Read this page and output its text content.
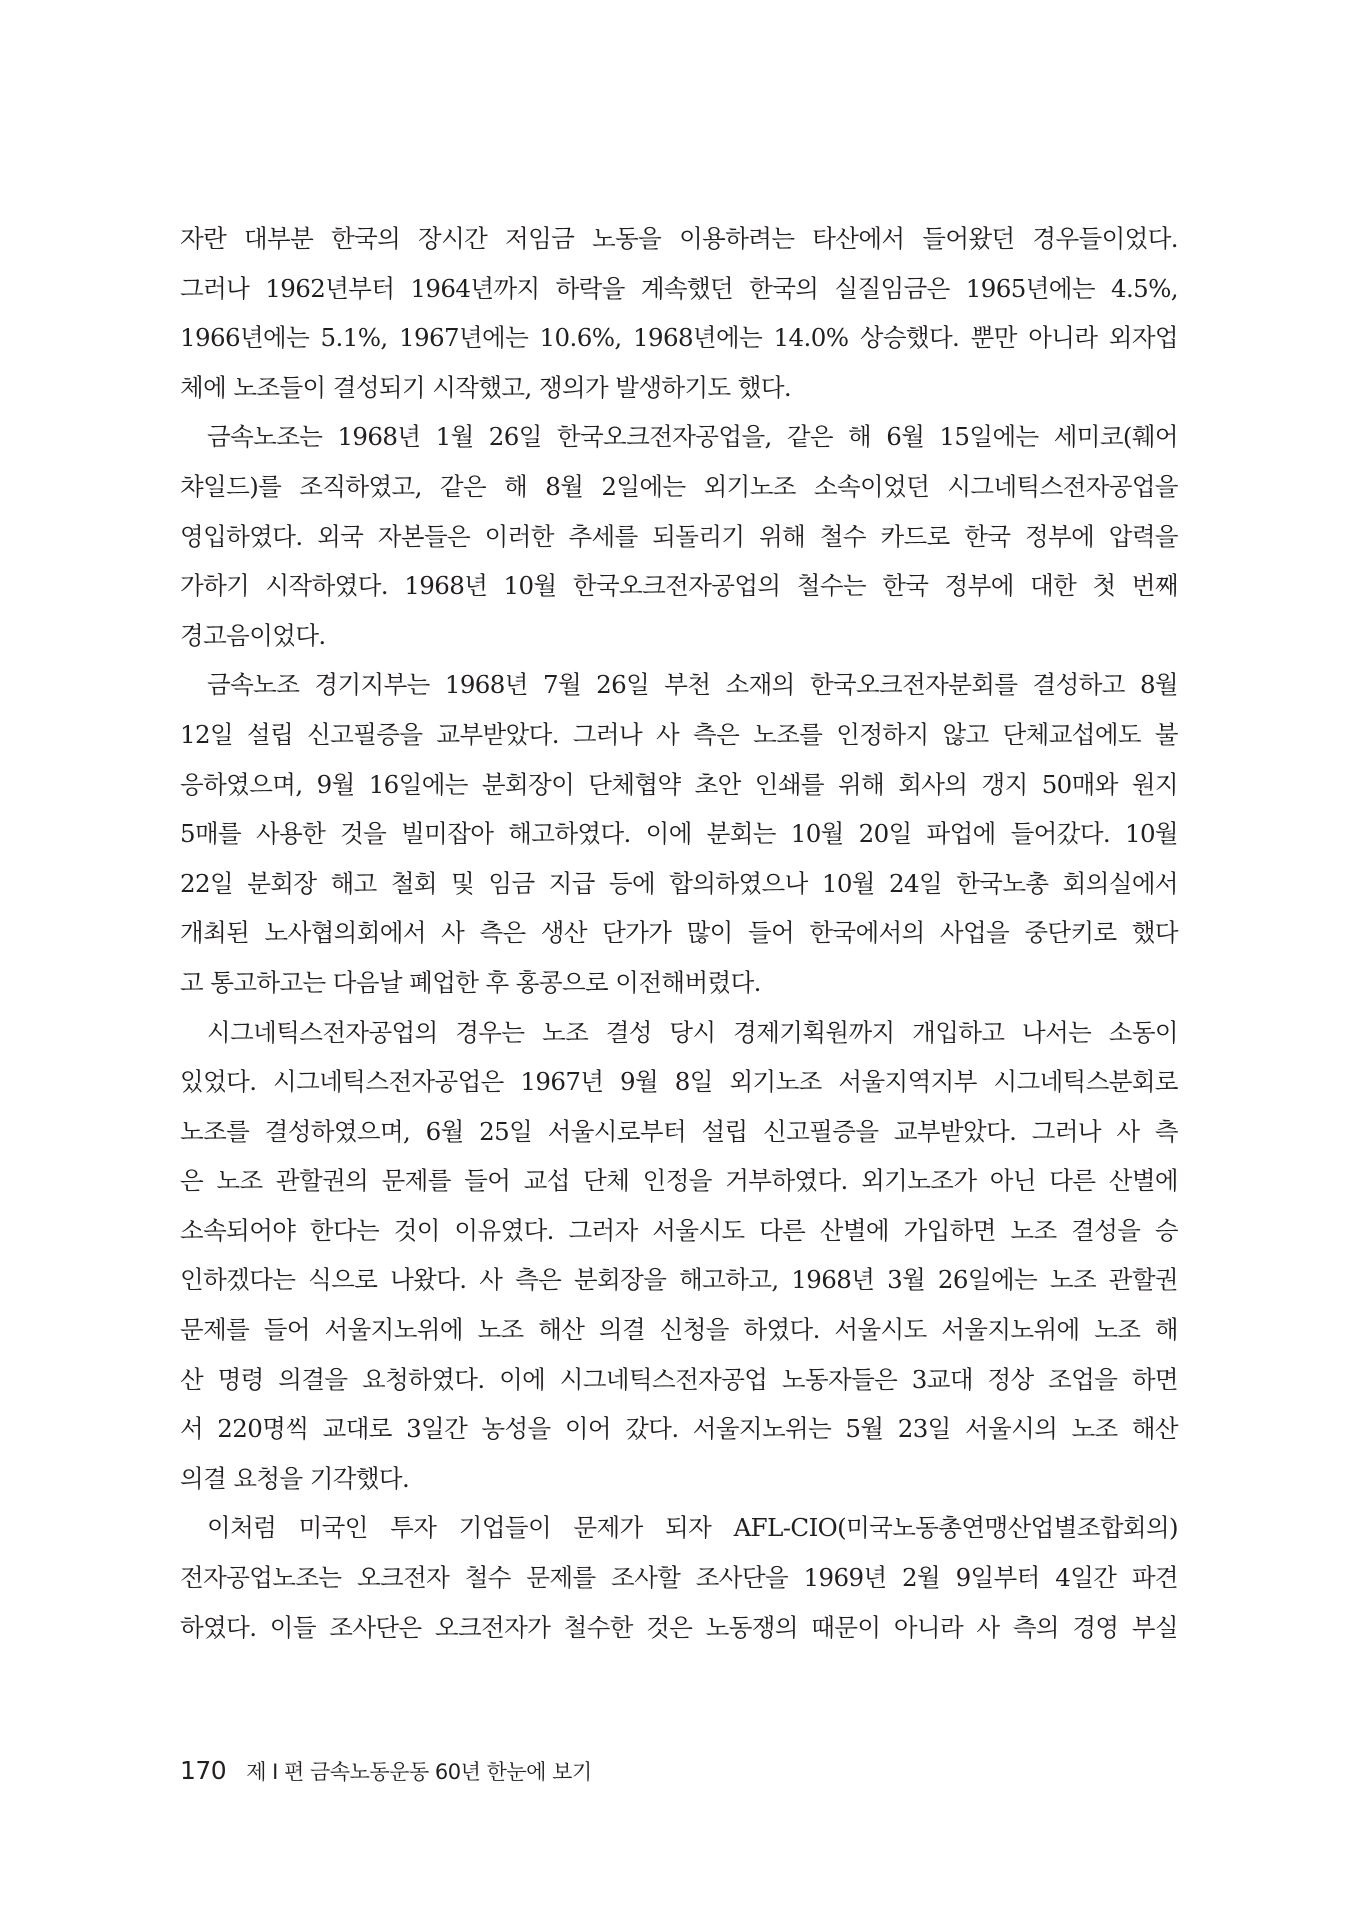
자란 대부분 한국의 장시간 저임금 노동을 이용하려는 타산에서 들어왔던 경우들이었다.
그러나 1962년부터 1964년까지 하락을 계속했던 한국의 실질임금은 1965년에는 4.5%,
1966년에는 5.1%, 1967년에는 10.6%, 1968년에는 14.0% 상승했다. 뿐만 아니라 외자업
체에 노조들이 결성되기 시작했고, 쟁의가 발생하기도 했다.

금속노조는 1968년 1월 26일 한국오크전자공업을, 같은 해 6월 15일에는 세미코(훼어
챠일드)를 조직하였고, 같은 해 8월 2일에는 외기노조 소속이었던 시그네틱스전자공업을
영입하였다. 외국 자본들은 이러한 추세를 되돌리기 위해 철수 카드로 한국 정부에 압력을
가하기 시작하였다. 1968년 10월 한국오크전자공업의 철수는 한국 정부에 대한 첫 번째
경고음이었다.

금속노조 경기지부는 1968년 7월 26일 부천 소재의 한국오크전자분회를 결성하고 8월
12일 설립 신고필증을 교부받았다. 그러나 사 측은 노조를 인정하지 않고 단체교섭에도 불
응하였으며, 9월 16일에는 분회장이 단체협약 초안 인쇄를 위해 회사의 갱지 50매와 원지
5매를 사용한 것을 빌미잡아 해고하였다. 이에 분회는 10월 20일 파업에 들어갔다. 10월
22일 분회장 해고 철회 및 임금 지급 등에 합의하였으나 10월 24일 한국노총 회의실에서
개최된 노사협의회에서 사 측은 생산 단가가 많이 들어 한국에서의 사업을 중단키로 했다
고 통고하고는 다음날 폐업한 후 홍콩으로 이전해버렸다.

시그네틱스전자공업의 경우는 노조 결성 당시 경제기획원까지 개입하고 나서는 소동이
있었다. 시그네틱스전자공업은 1967년 9월 8일 외기노조 서울지역지부 시그네틱스분회로
노조를 결성하였으며, 6월 25일 서울시로부터 설립 신고필증을 교부받았다. 그러나 사 측
은 노조 관할권의 문제를 들어 교섭 단체 인정을 거부하였다. 외기노조가 아닌 다른 산별에
소속되어야 한다는 것이 이유였다. 그러자 서울시도 다른 산별에 가입하면 노조 결성을 승
인하겠다는 식으로 나왔다. 사 측은 분회장을 해고하고, 1968년 3월 26일에는 노조 관할권
문제를 들어 서울지노위에 노조 해산 의결 신청을 하였다. 서울시도 서울지노위에 노조 해
산 명령 의결을 요청하였다. 이에 시그네틱스전자공업 노동자들은 3교대 정상 조업을 하면
서 220명씩 교대로 3일간 농성을 이어 갔다. 서울지노위는 5월 23일 서울시의 노조 해산
의결 요청을 기각했다.

이처럼 미국인 투자 기업들이 문제가 되자 AFL-CIO(미국노동총연맹산업별조합회의)
전자공업노조는 오크전자 철수 문제를 조사할 조사단을 1969년 2월 9일부터 4일간 파견
하였다. 이들 조사단은 오크전자가 철수한 것은 노동쟁의 때문이 아니라 사 측의 경영 부실

170 제 I 편 금속노동운동 60년 한눈에 보기
